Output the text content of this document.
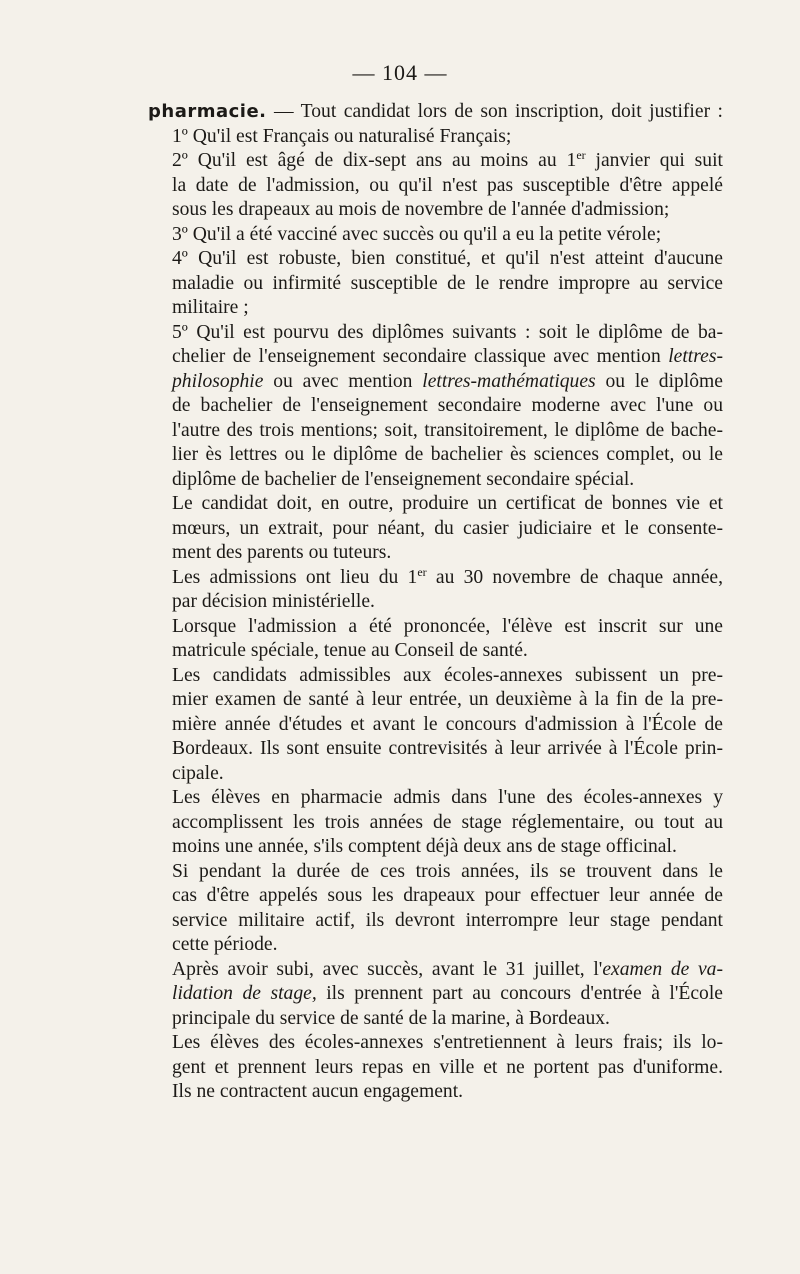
— 104 —

pharmacie. — Tout candidat lors de son inscription, doit justifier :

1º Qu'il est Français ou naturalisé Français;

2º Qu'il est âgé de dix-sept ans au moins au 1er janvier qui suit
la date de l'admission, ou qu'il n'est pas susceptible d'être appelé
sous les drapeaux au mois de novembre de l'année d'admission;

3º Qu'il a été vacciné avec succès ou qu'il a eu la petite vérole;

4º Qu'il est robuste, bien constitué, et qu'il n'est atteint d'aucune
maladie ou infirmité susceptible de le rendre impropre au service
militaire ;

5º Qu'il est pourvu des diplômes suivants : soit le diplôme de ba-
chelier de l'enseignement secondaire classique avec mention lettres-
philosophie ou avec mention lettres-mathématiques ou le diplôme
de bachelier de l'enseignement secondaire moderne avec l'une ou
l'autre des trois mentions; soit, transitoirement, le diplôme de bache-
lier ès lettres ou le diplôme de bachelier ès sciences complet, ou le
diplôme de bachelier de l'enseignement secondaire spécial.

Le candidat doit, en outre, produire un certificat de bonnes vie et
mœurs, un extrait, pour néant, du casier judiciaire et le consente-
ment des parents ou tuteurs.

Les admissions ont lieu du 1er au 30 novembre de chaque année,
par décision ministérielle.

Lorsque l'admission a été prononcée, l'élève est inscrit sur une
matricule spéciale, tenue au Conseil de santé.

Les candidats admissibles aux écoles-annexes subissent un pre-
mier examen de santé à leur entrée, un deuxième à la fin de la pre-
mière année d'études et avant le concours d'admission à l'École de
Bordeaux. Ils sont ensuite contrevisités à leur arrivée à l'École prin-
cipale.

Les élèves en pharmacie admis dans l'une des écoles-annexes y
accomplissent les trois années de stage réglementaire, ou tout au
moins une année, s'ils comptent déjà deux ans de stage officinal.

Si pendant la durée de ces trois années, ils se trouvent dans le
cas d'être appelés sous les drapeaux pour effectuer leur année de
service militaire actif, ils devront interrompre leur stage pendant
cette période.

Après avoir subi, avec succès, avant le 31 juillet, l'examen de va-
lidation de stage, ils prennent part au concours d'entrée à l'École
principale du service de santé de la marine, à Bordeaux.

Les élèves des écoles-annexes s'entretiennent à leurs frais; ils lo-
gent et prennent leurs repas en ville et ne portent pas d'uniforme.
Ils ne contractent aucun engagement.
